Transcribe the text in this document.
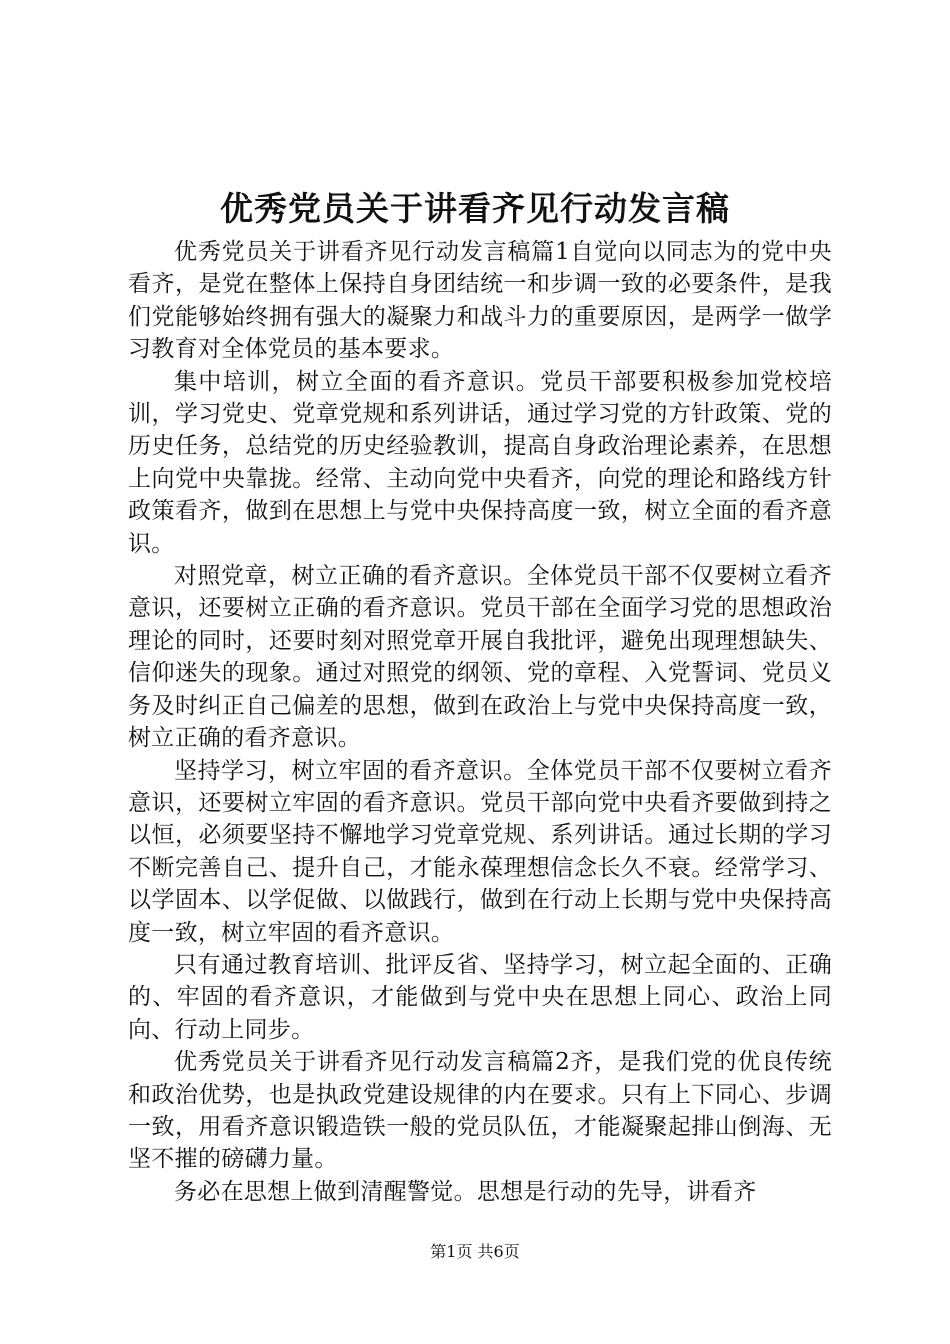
优秀党员关于讲看齐见行动发言稿

优秀党员关于讲看齐见行动发言稿篇1自觉向以同志为的党中央看齐，是党在整体上保持自身团结统一和步调一致的必要条件，是我们党能够始终拥有强大的凝聚力和战斗力的重要原因，是两学一做学习教育对全体党员的基本要求。

集中培训，树立全面的看齐意识。党员干部要积极参加党校培训，学习党史、党章党规和系列讲话，通过学习党的方针政策、党的历史任务，总结党的历史经验教训，提高自身政治理论素养，在思想上向党中央靠拢。经常、主动向党中央看齐，向党的理论和路线方针政策看齐，做到在思想上与党中央保持高度一致，树立全面的看齐意识。

对照党章，树立正确的看齐意识。全体党员干部不仅要树立看齐意识，还要树立正确的看齐意识。党员干部在全面学习党的思想政治理论的同时，还要时刻对照党章开展自我批评，避免出现理想缺失、信仰迷失的现象。通过对照党的纲领、党的章程、入党誓词、党员义务及时纠正自己偏差的思想，做到在政治上与党中央保持高度一致，树立正确的看齐意识。

坚持学习，树立牢固的看齐意识。全体党员干部不仅要树立看齐意识，还要树立牢固的看齐意识。党员干部向党中央看齐要做到持之以恒，必须要坚持不懈地学习党章党规、系列讲话。通过长期的学习不断完善自己、提升自己，才能永葆理想信念长久不衰。经常学习、以学固本、以学促做、以做践行，做到在行动上长期与党中央保持高度一致，树立牢固的看齐意识。

只有通过教育培训、批评反省、坚持学习，树立起全面的、正确的、牢固的看齐意识，才能做到与党中央在思想上同心、政治上同向、行动上同步。

优秀党员关于讲看齐见行动发言稿篇2齐，是我们党的优良传统和政治优势，也是执政党建设规律的内在要求。只有上下同心、步调一致，用看齐意识锻造铁一般的党员队伍，才能凝聚起排山倒海、无坚不摧的磅礴力量。

务必在思想上做到清醒警觉。思想是行动的先导，讲看齐

第1页 共6页
